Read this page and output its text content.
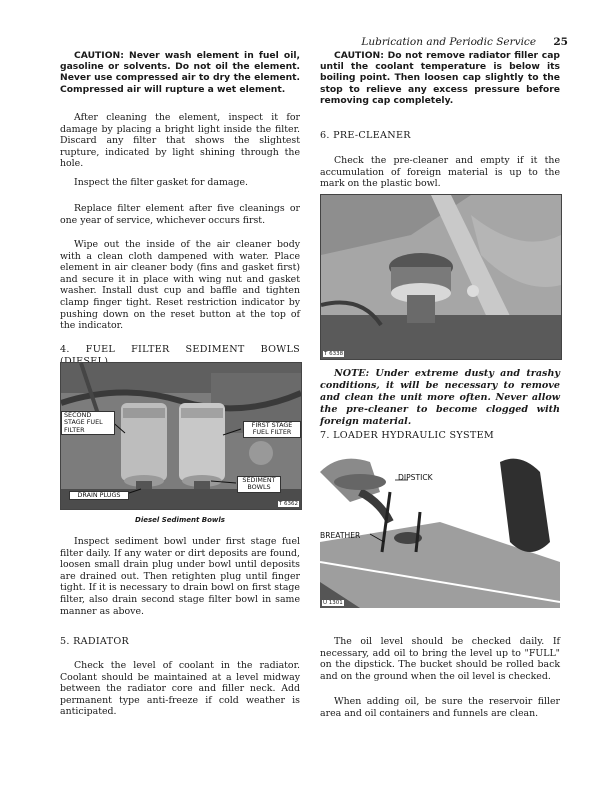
Lubrication and Periodic Service 25

CAUTION: Never wash element in fuel oil, gasoline or solvents. Do not oil the element. Never use compressed air to dry the element. Compressed air will rupture a wet element.

After cleaning the element, inspect it for damage by placing a bright light inside the filter. Discard any filter that shows the slightest rupture, indicated by light shining through the hole.

Inspect the filter gasket for damage.

Replace filter element after five cleanings or one year of service, whichever occurs first.

Wipe out the inside of the air cleaner body with a clean cloth dampened with water. Place element in air cleaner body (fins and gasket first) and secure it in place with wing nut and gasket washer. Install dust cup and baffle and tighten clamp finger tight. Reset restriction indicator by pushing down on the reset button at the top of the indicator.

4. FUEL FILTER SEDIMENT BOWLS

SECOND STAGE FUEL FILTER
FIRST STAGE FUEL FILTER
SEDIMENT BOWLS
DRAIN PLUGS
T 6362
Diesel Sediment Bowls

Inspect sediment bowl under first stage fuel filter daily. If any water or dirt deposits are found, loosen small drain plug under bowl until deposits are drained out. Then retighten plug until finger tight. If it is necessary to drain bowl on first stage filter, also drain second stage filter bowl in same manner as above.

5. RADIATOR

Check the level of coolant in the radiator. Coolant should be maintained at a level midway between the radiator core and filler neck. Add permanent type anti-freeze if cold weather is anticipated.

CAUTION: Do not remove radiator filler cap until the coolant temperature is below its boiling point. Then loosen cap slightly to the stop to relieve any excess pressure before removing cap completely.

6. PRE-CLEANER

Check the pre-cleaner and empty if it the accumulation of foreign material is up to the mark on the plastic bowl.

T 6338

NOTE: Under extreme dusty and trashy conditions, it will be necessary to remove and clean the unit more often. Never allow the pre-cleaner to become clogged with foreign material.

7. LOADER HYDRAULIC SYSTEM

DIPSTICK
BREATHER
U 1301

The oil level should be checked daily. If necessary, add oil to bring the level up to "FULL" on the dipstick. The bucket should be rolled back and on the ground when the oil level is checked.

When adding oil, be sure the reservoir filler area and oil containers and funnels are clean.
